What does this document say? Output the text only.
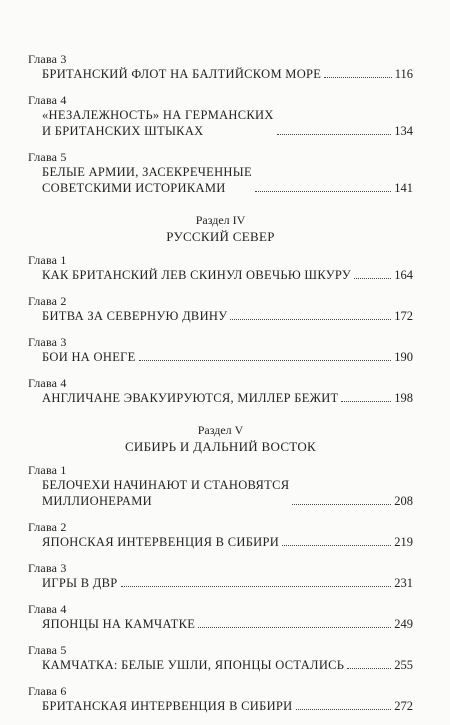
Глава 3
БРИТАНСКИЙ ФЛОТ НА БАЛТИЙСКОМ МОРЕ	116
Глава 4
«НЕЗАЛЕЖНОСТЬ» НА ГЕРМАНСКИХ
И БРИТАНСКИХ ШТЫКАХ	134
Глава 5
БЕЛЫЕ АРМИИ, ЗАСЕКРЕЧЕННЫЕ
СОВЕТСКИМИ ИСТОРИКАМИ	141
Раздел IV
РУССКИЙ СЕВЕР
Глава 1
КАК БРИТАНСКИЙ ЛЕВ СКИНУЛ ОВЕЧЬЮ ШКУРУ	164
Глава 2
БИТВА ЗА СЕВЕРНУЮ ДВИНУ	172
Глава 3
БОИ НА ОНЕГЕ	190
Глава 4
АНГЛИЧАНЕ ЭВАКУИРУЮТСЯ, МИЛЛЕР БЕЖИТ	198
Раздел V
СИБИРЬ И ДАЛЬНИЙ ВОСТОК
Глава 1
БЕЛОЧЕХИ НАЧИНАЮТ И СТАНОВЯТСЯ
МИЛЛИОНЕРАМИ	208
Глава 2
ЯПОНСКАЯ ИНТЕРВЕНЦИЯ В СИБИРИ	219
Глава 3
ИГРЫ В ДВР	231
Глава 4
ЯПОНЦЫ НА КАМЧАТКЕ	249
Глава 5
КАМЧАТКА: БЕЛЫЕ УШЛИ, ЯПОНЦЫ ОСТАЛИСЬ	255
Глава 6
БРИТАНСКАЯ ИНТЕРВЕНЦИЯ В СИБИРИ	272
